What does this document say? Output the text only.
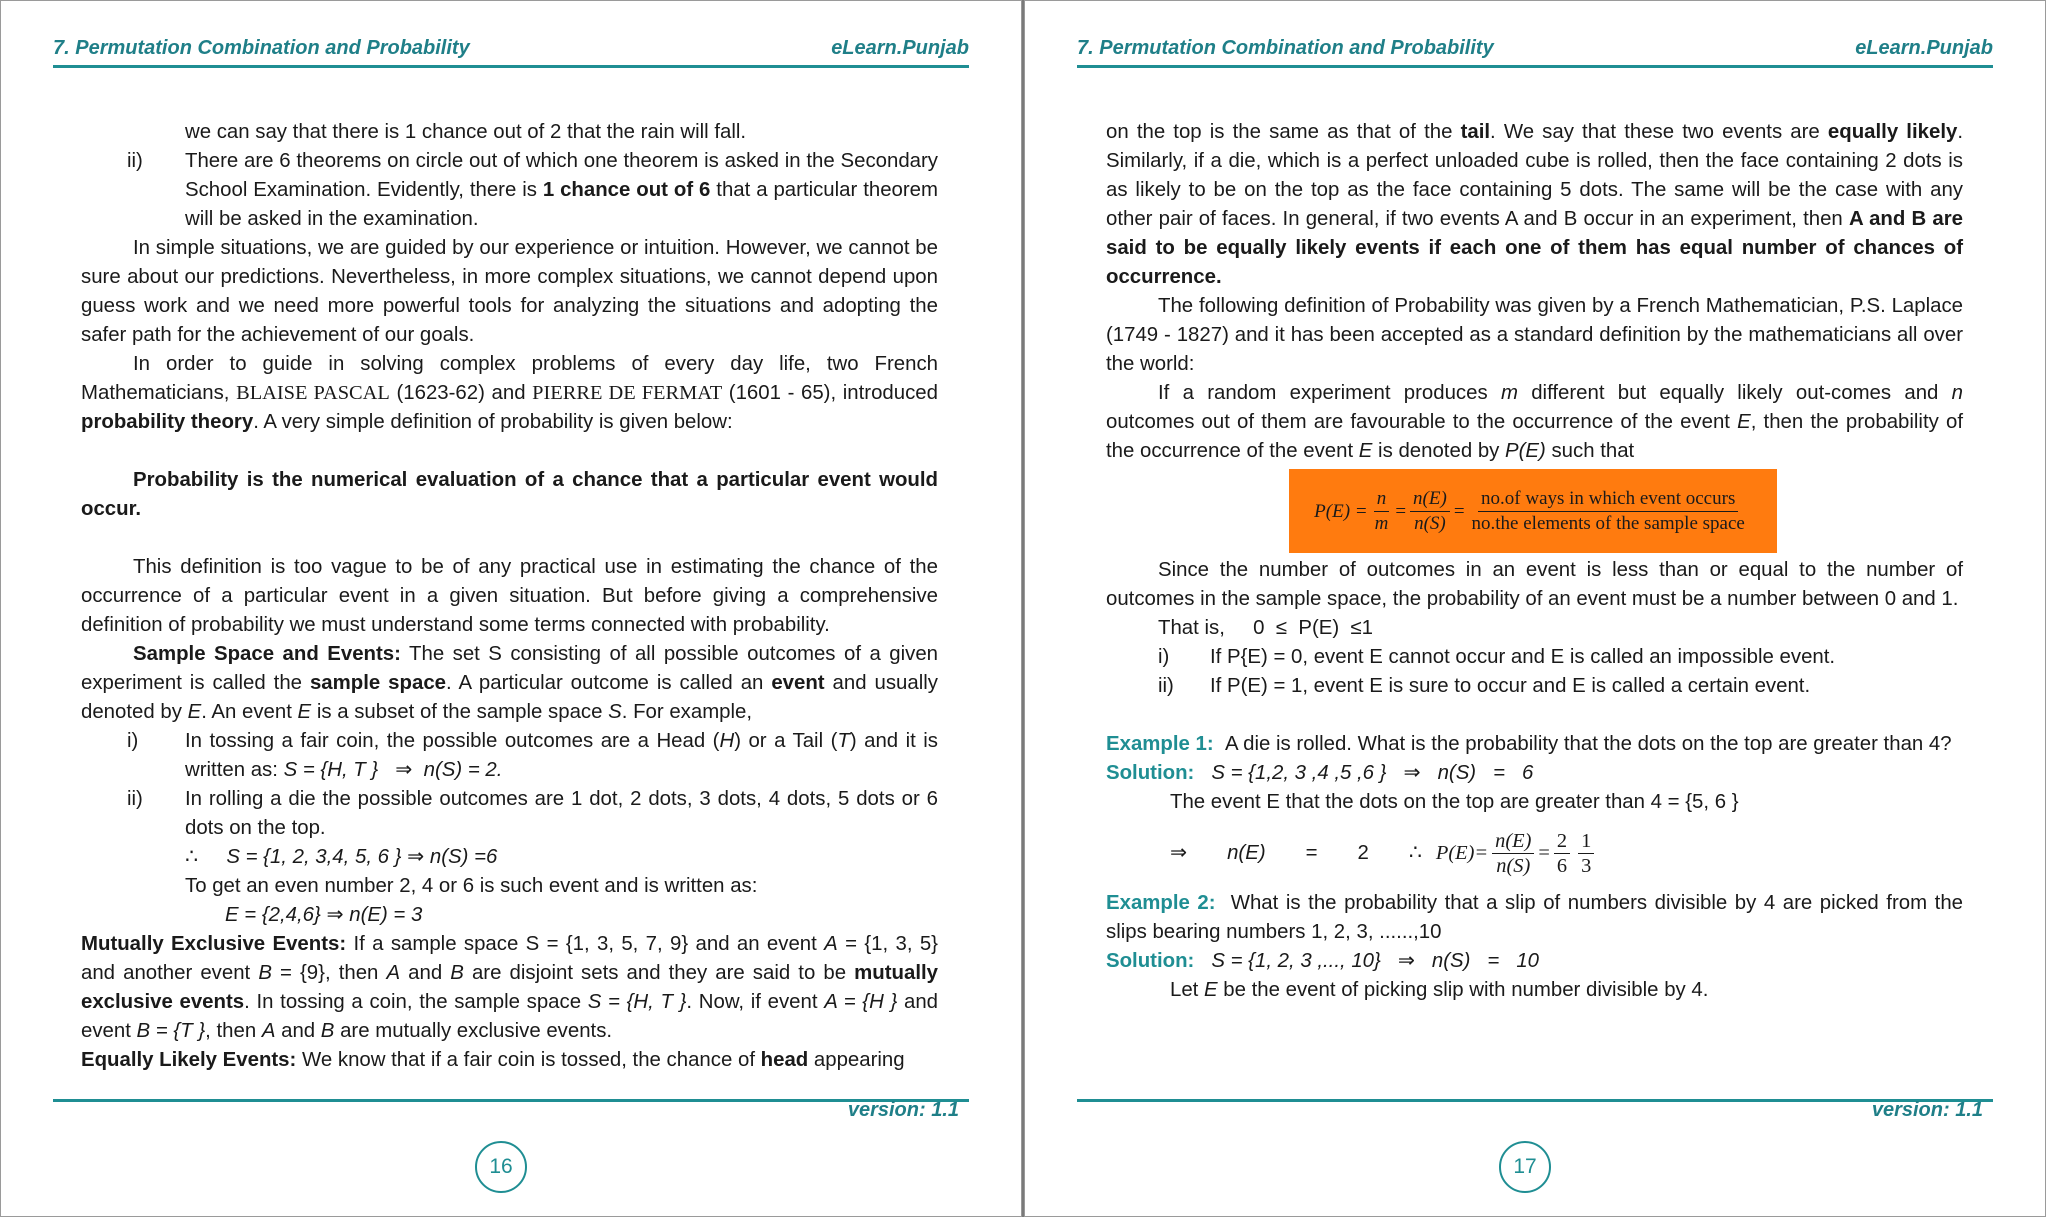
7. Permutation Combination and Probability	eLearn.Punjab

we can say that there is 1 chance out of 2 that the rain will fall.

ii) There are 6 theorems on circle out of which one theorem is asked in the Secondary School Examination. Evidently, there is 1 chance out of 6 that a particular theorem will be asked in the examination.

In simple situations, we are guided by our experience or intuition. However, we cannot be sure about our predictions. Nevertheless, in more complex situations, we cannot depend upon guess work and we need more powerful tools for analyzing the situations and adopting the safer path for the achievement of our goals.

In order to guide in solving complex problems of every day life, two French Mathematicians, BLAISE PASCAL (1623-62) and PIERRE DE FERMAT (1601 - 65), introduced probability theory. A very simple definition of probability is given below:

Probability is the numerical evaluation of a chance that a particular event would occur.

This definition is too vague to be of any practical use in estimating the chance of the occurrence of a particular event in a given situation. But before giving a comprehensive definition of probability we must understand some terms connected with probability.

Sample Space and Events: The set S consisting of all possible outcomes of a given experiment is called the sample space. A particular outcome is called an event and usually denoted by E. An event E is a subset of the sample space S. For example,

i) In tossing a fair coin, the possible outcomes are a Head (H) or a Tail (T) and it is written as: S = {H, T }   ⇒  n(S) = 2.

ii) In rolling a die the possible outcomes are 1 dot, 2 dots, 3 dots, 4 dots, 5 dots or 6 dots on the top.

∴     S = {1, 2, 3,4, 5, 6 } ⇒ n(S) =6

To get an even number 2, 4 or 6 is such event and is written as:

E = {2,4,6} ⇒ n(E) = 3

Mutually Exclusive Events: If a sample space S = {1, 3, 5, 7, 9} and an event A = {1, 3, 5} and another event B = {9}, then A and B are disjoint sets and they are said to be mutually exclusive events. In tossing a coin, the sample space S = {H, T }. Now, if event A = {H } and event B = {T }, then A and B are mutually exclusive events.

Equally Likely Events: We know that if a fair coin is tossed, the chance of head appearing

version: 1.1
16
7. Permutation Combination and Probability	eLearn.Punjab

on the top is the same as that of the tail. We say that these two events are equally likely. Similarly, if a die, which is a perfect unloaded cube is rolled, then the face containing 2 dots is as likely to be on the top as the face containing 5 dots. The same will be the case with any other pair of faces. In general, if two events A and B occur in an experiment, then A and B are said to be equally likely events if each one of them has equal number of chances of occurrence.

The following definition of Probability was given by a French Mathematician, P.S. Laplace (1749 - 1827) and it has been accepted as a standard definition by the mathematicians all over the world:

If a random experiment produces m different but equally likely out-comes and n outcomes out of them are favourable to the occurrence of the event E, then the probability of the occurrence of the event E is denoted by P(E) such that

$P(E) = \frac{n}{m} = \frac{n(E)}{n(S)} = \frac{\text{no.of ways in which event occurs}}{\text{no.the elements of the sample space}}$

Since the number of outcomes in an event is less than or equal to the number of outcomes in the sample space, the probability of an event must be a number between 0 and 1.

That is,     0  ≤  P(E)  ≤1

i) If P{E) = 0, event E cannot occur and E is called an impossible event.

ii) If P(E) = 1, event E is sure to occur and E is called a certain event.

Example 1: A die is rolled. What is the probability that the dots on the top are greater than 4?

Solution: S = {1,2, 3 ,4 ,5 ,6 }   ⇒   n(S)   =   6

The event E that the dots on the top are greater than 4 = {5, 6 }

⇒ n(E) = 2 ∴ $P(E)= \frac{n(E)}{n(S)} = \frac{2}{6} \frac{1}{3}$

Example 2: What is the probability that a slip of numbers divisible by 4 are picked from the slips bearing numbers 1, 2, 3, ......,10

Solution: S = {1, 2, 3 ,..., 10}   ⇒   n(S)   =   10

Let E be the event of picking slip with number divisible by 4.

version: 1.1
17
